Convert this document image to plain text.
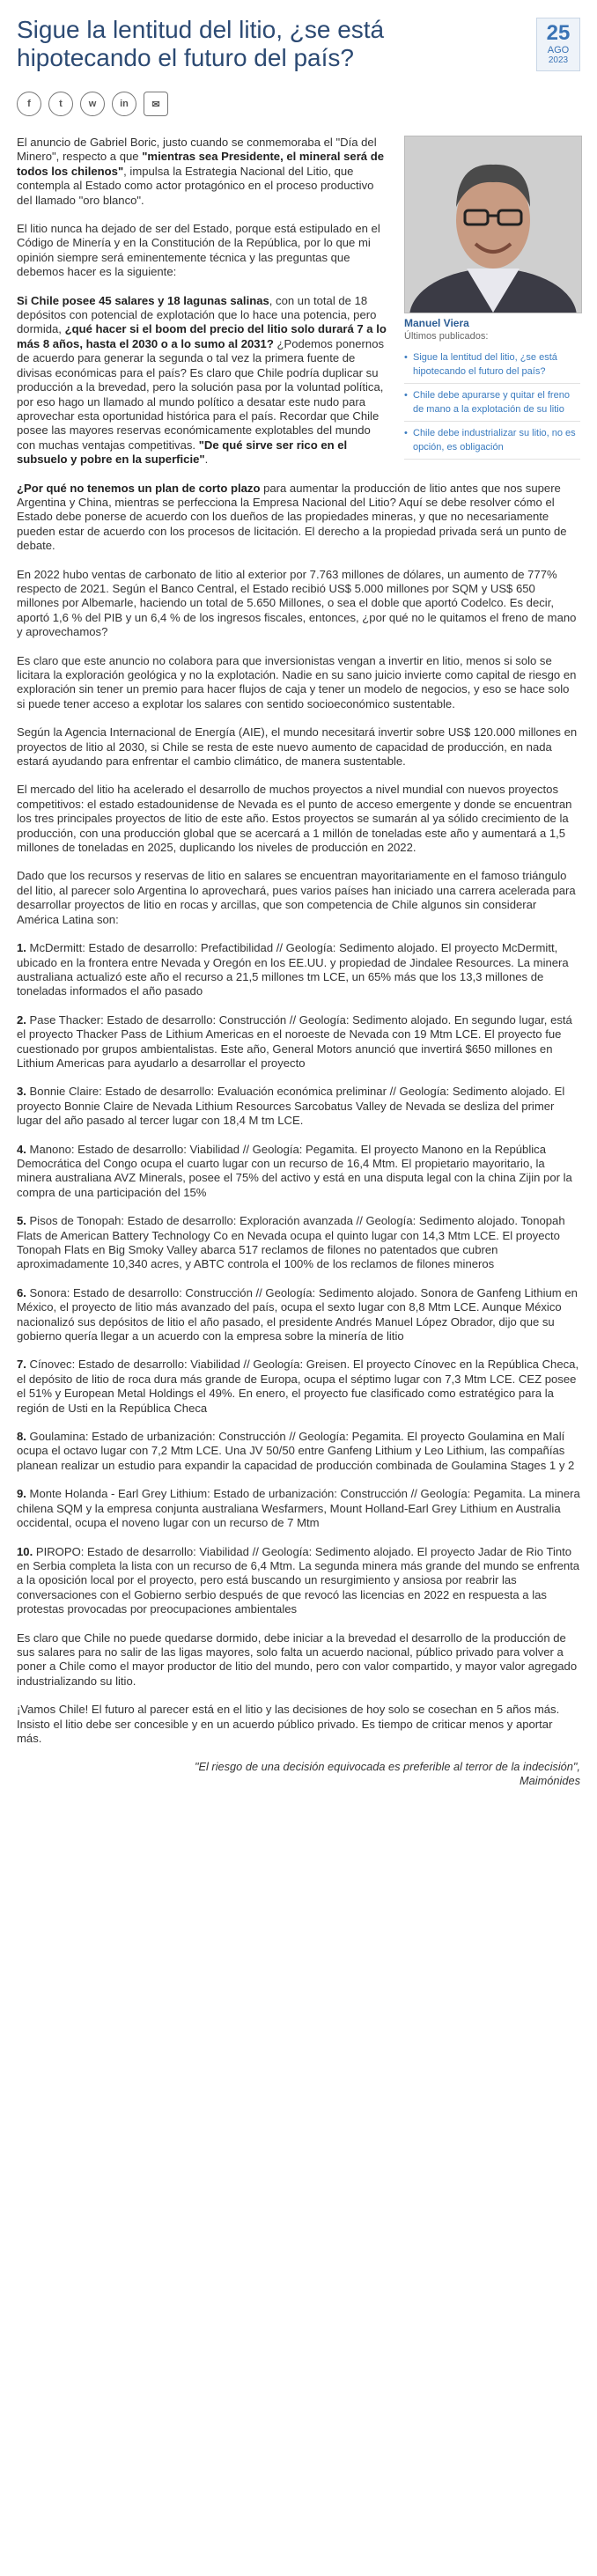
Sigue la lentitud del litio, ¿se está hipotecando el futuro del país?
25
AGO
2023
f	t	w	in	✉

El anuncio de Gabriel Boric, justo cuando se conmemoraba el "Día del Minero", respecto a que "mientras sea Presidente, el mineral será de todos los chilenos", impulsa la Estrategia Nacional del Litio, que contempla al Estado como actor protagónico en el proceso productivo del llamado "oro blanco".

El litio nunca ha dejado de ser del Estado, porque está estipulado en el Código de Minería y en la Constitución de la República, por lo que mi opinión siempre será eminentemente técnica y las preguntas que debemos hacer es la siguiente:

Si Chile posee 45 salares y 18 lagunas salinas, con un total de 18 depósitos con potencial de explotación que lo hace una potencia, pero dormida, ¿qué hacer si el boom del precio del litio solo durará 7 a lo más 8 años, hasta el 2030 o a lo sumo al 2031? ¿Podemos ponernos de acuerdo para generar la segunda o tal vez la primera fuente de divisas económicas para el país? Es claro que Chile podría duplicar su producción a la brevedad, pero la solución pasa por la voluntad política, por eso hago un llamado al mundo político a desatar este nudo para aprovechar esta oportunidad histórica para el país. Recordar que Chile posee las mayores reservas económicamente explotables del mundo con muchas ventajas competitivas. "De qué sirve ser rico en el subsuelo y pobre en la superficie".

Manuel Viera
Últimos publicados:
• Sigue la lentitud del litio, ¿se está hipotecando el futuro del país?
• Chile debe apurarse y quitar el freno de mano a la explotación de su litio
• Chile debe industrializar su litio, no es opción, es obligación

¿Por qué no tenemos un plan de corto plazo para aumentar la producción de litio antes que nos supere Argentina y China, mientras se perfecciona la Empresa Nacional del Litio? Aquí se debe resolver cómo el Estado debe ponerse de acuerdo con los dueños de las propiedades mineras, y que no necesariamente pueden estar de acuerdo con los procesos de licitación. El derecho a la propiedad privada será un punto de debate.

En 2022 hubo ventas de carbonato de litio al exterior por 7.763 millones de dólares, un aumento de 777% respecto de 2021. Según el Banco Central, el Estado recibió US$ 5.000 millones por SQM y US$ 650 millones por Albemarle, haciendo un total de 5.650 Millones, o sea el doble que aportó Codelco. Es decir, aportó 1,6 % del PIB y un 6,4 % de los ingresos fiscales, entonces, ¿por qué no le quitamos el freno de mano y aprovechamos?

Es claro que este anuncio no colabora para que inversionistas vengan a invertir en litio, menos si solo se licitara la exploración geológica y no la explotación. Nadie en su sano juicio invierte como capital de riesgo en exploración sin tener un premio para hacer flujos de caja y tener un modelo de negocios, y eso se hace solo si puede tener acceso a explotar los salares con sentido socioeconómico sustentable.

Según la Agencia Internacional de Energía (AIE), el mundo necesitará invertir sobre US$ 120.000 millones en proyectos de litio al 2030, si Chile se resta de este nuevo aumento de capacidad de producción, en nada estará ayudando para enfrentar el cambio climático, de manera sustentable.

El mercado del litio ha acelerado el desarrollo de muchos proyectos a nivel mundial con nuevos proyectos competitivos: el estado estadounidense de Nevada es el punto de acceso emergente y donde se encuentran los tres principales proyectos de litio de este año. Estos proyectos se sumarán al ya sólido crecimiento de la producción, con una producción global que se acercará a 1 millón de toneladas este año y aumentará a 1,5 millones de toneladas en 2025, duplicando los niveles de producción en 2022.

Dado que los recursos y reservas de litio en salares se encuentran mayoritariamente en el famoso triángulo del litio, al parecer solo Argentina lo aprovechará, pues varios países han iniciado una carrera acelerada para desarrollar proyectos de litio en rocas y arcillas, que son competencia de Chile algunos sin considerar América Latina son:

1. McDermitt: Estado de desarrollo: Prefactibilidad // Geología: Sedimento alojado. El proyecto McDermitt, ubicado en la frontera entre Nevada y Oregón en los EE.UU. y propiedad de Jindalee Resources. La minera australiana actualizó este año el recurso a 21,5 millones tm LCE, un 65% más que los 13,3 millones de toneladas informados el año pasado

2. Pase Thacker: Estado de desarrollo: Construcción // Geología: Sedimento alojado. En segundo lugar, está el proyecto Thacker Pass de Lithium Americas en el noroeste de Nevada con 19 Mtm LCE. El proyecto fue cuestionado por grupos ambientalistas. Este año, General Motors anunció que invertirá $650 millones en Lithium Americas para ayudarlo a desarrollar el proyecto

3. Bonnie Claire: Estado de desarrollo: Evaluación económica preliminar // Geología: Sedimento alojado. El proyecto Bonnie Claire de Nevada Lithium Resources Sarcobatus Valley de Nevada se desliza del primer lugar del año pasado al tercer lugar con 18,4 M tm LCE.

4. Manono: Estado de desarrollo: Viabilidad // Geología: Pegamita. El proyecto Manono en la República Democrática del Congo ocupa el cuarto lugar con un recurso de 16,4 Mtm. El propietario mayoritario, la minera australiana AVZ Minerals, posee el 75% del activo y está en una disputa legal con la china Zijin por la compra de una participación del 15%

5. Pisos de Tonopah: Estado de desarrollo: Exploración avanzada // Geología: Sedimento alojado. Tonopah Flats de American Battery Technology Co en Nevada ocupa el quinto lugar con 14,3 Mtm LCE. El proyecto Tonopah Flats en Big Smoky Valley abarca 517 reclamos de filones no patentados que cubren aproximadamente 10,340 acres, y ABTC controla el 100% de los reclamos de filones mineros

6. Sonora: Estado de desarrollo: Construcción // Geología: Sedimento alojado. Sonora de Ganfeng Lithium en México, el proyecto de litio más avanzado del país, ocupa el sexto lugar con 8,8 Mtm LCE. Aunque México nacionalizó sus depósitos de litio el año pasado, el presidente Andrés Manuel López Obrador, dijo que su gobierno quería llegar a un acuerdo con la empresa sobre la minería de litio

7. Cínovec: Estado de desarrollo: Viabilidad // Geología: Greisen. El proyecto Cínovec en la República Checa, el depósito de litio de roca dura más grande de Europa, ocupa el séptimo lugar con 7,3 Mtm LCE. CEZ posee el 51% y European Metal Holdings el 49%. En enero, el proyecto fue clasificado como estratégico para la región de Usti en la República Checa

8. Goulamina: Estado de urbanización: Construcción // Geología: Pegamita. El proyecto Goulamina en Malí ocupa el octavo lugar con 7,2 Mtm LCE. Una JV 50/50 entre Ganfeng Lithium y Leo Lithium, las compañías planean realizar un estudio para expandir la capacidad de producción combinada de Goulamina Stages 1 y 2

9. Monte Holanda - Earl Grey Lithium: Estado de urbanización: Construcción // Geología: Pegamita. La minera chilena SQM y la empresa conjunta australiana Wesfarmers, Mount Holland-Earl Grey Lithium en Australia occidental, ocupa el noveno lugar con un recurso de 7 Mtm

10. PIROPO: Estado de desarrollo: Viabilidad // Geología: Sedimento alojado. El proyecto Jadar de Rio Tinto en Serbia completa la lista con un recurso de 6,4 Mtm. La segunda minera más grande del mundo se enfrenta a la oposición local por el proyecto, pero está buscando un resurgimiento y ansiosa por reabrir las conversaciones con el Gobierno serbio después de que revocó las licencias en 2022 en respuesta a las protestas provocadas por preocupaciones ambientales

Es claro que Chile no puede quedarse dormido, debe iniciar a la brevedad el desarrollo de la producción de sus salares para no salir de las ligas mayores, solo falta un acuerdo nacional, público privado para volver a poner a Chile como el mayor productor de litio del mundo, pero con valor compartido, y mayor valor agregado industrializando su litio.

¡Vamos Chile! El futuro al parecer está en el litio y las decisiones de hoy solo se cosechan en 5 años más. Insisto el litio debe ser concesible y en un acuerdo público privado. Es tiempo de criticar menos y aportar más.

"El riesgo de una decisión equivocada es preferible al terror de la indecisión",
Maimónides
